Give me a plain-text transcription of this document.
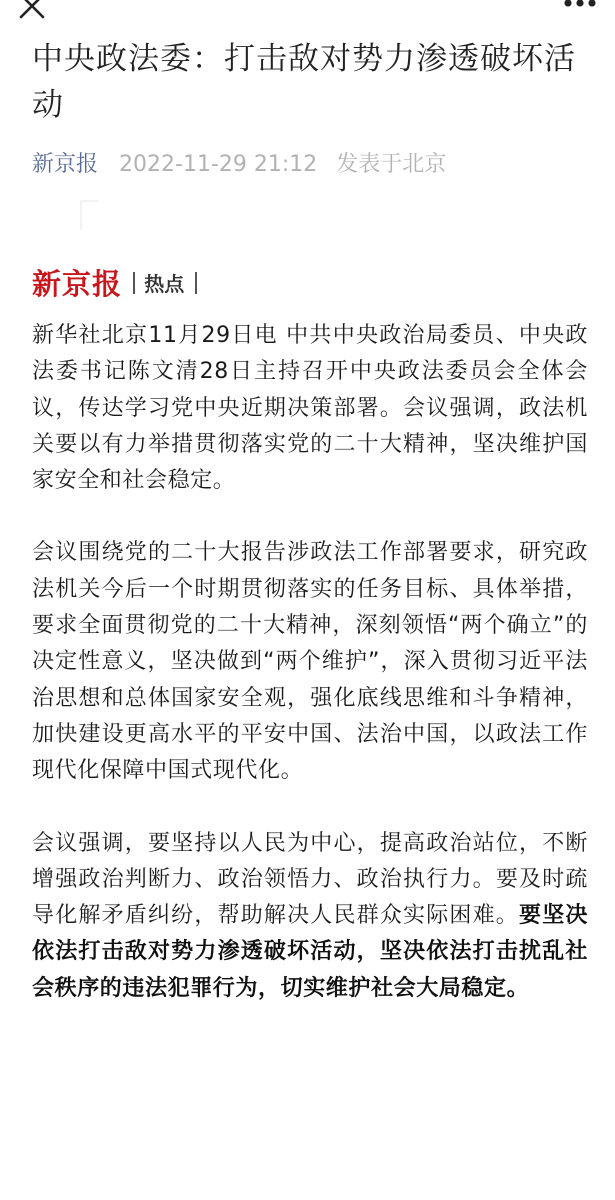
中央政法委：打击敌对势力渗透破坏活动
新京报 2022-11-29 21:12 发表于北京
新京报 热点

新华社北京11月29日电 中共中央政治局委员、中央政法委书记陈文清28日主持召开中央政法委员会全体会议，传达学习党中央近期决策部署。会议强调，政法机关要以有力举措贯彻落实党的二十大精神，坚决维护国家安全和社会稳定。

会议围绕党的二十大报告涉政法工作部署要求，研究政法机关今后一个时期贯彻落实的任务目标、具体举措，要求全面贯彻党的二十大精神，深刻领悟“两个确立”的决定性意义，坚决做到“两个维护”，深入贯彻习近平法治思想和总体国家安全观，强化底线思维和斗争精神，加快建设更高水平的平安中国、法治中国，以政法工作现代化保障中国式现代化。

会议强调，要坚持以人民为中心，提高政治站位，不断增强政治判断力、政治领悟力、政治执行力。要及时疏导化解矛盾纠纷，帮助解决人民群众实际困难。要坚决依法打击敌对势力渗透破坏活动，坚决依法打击扰乱社会秩序的违法犯罪行为，切实维护社会大局稳定。
